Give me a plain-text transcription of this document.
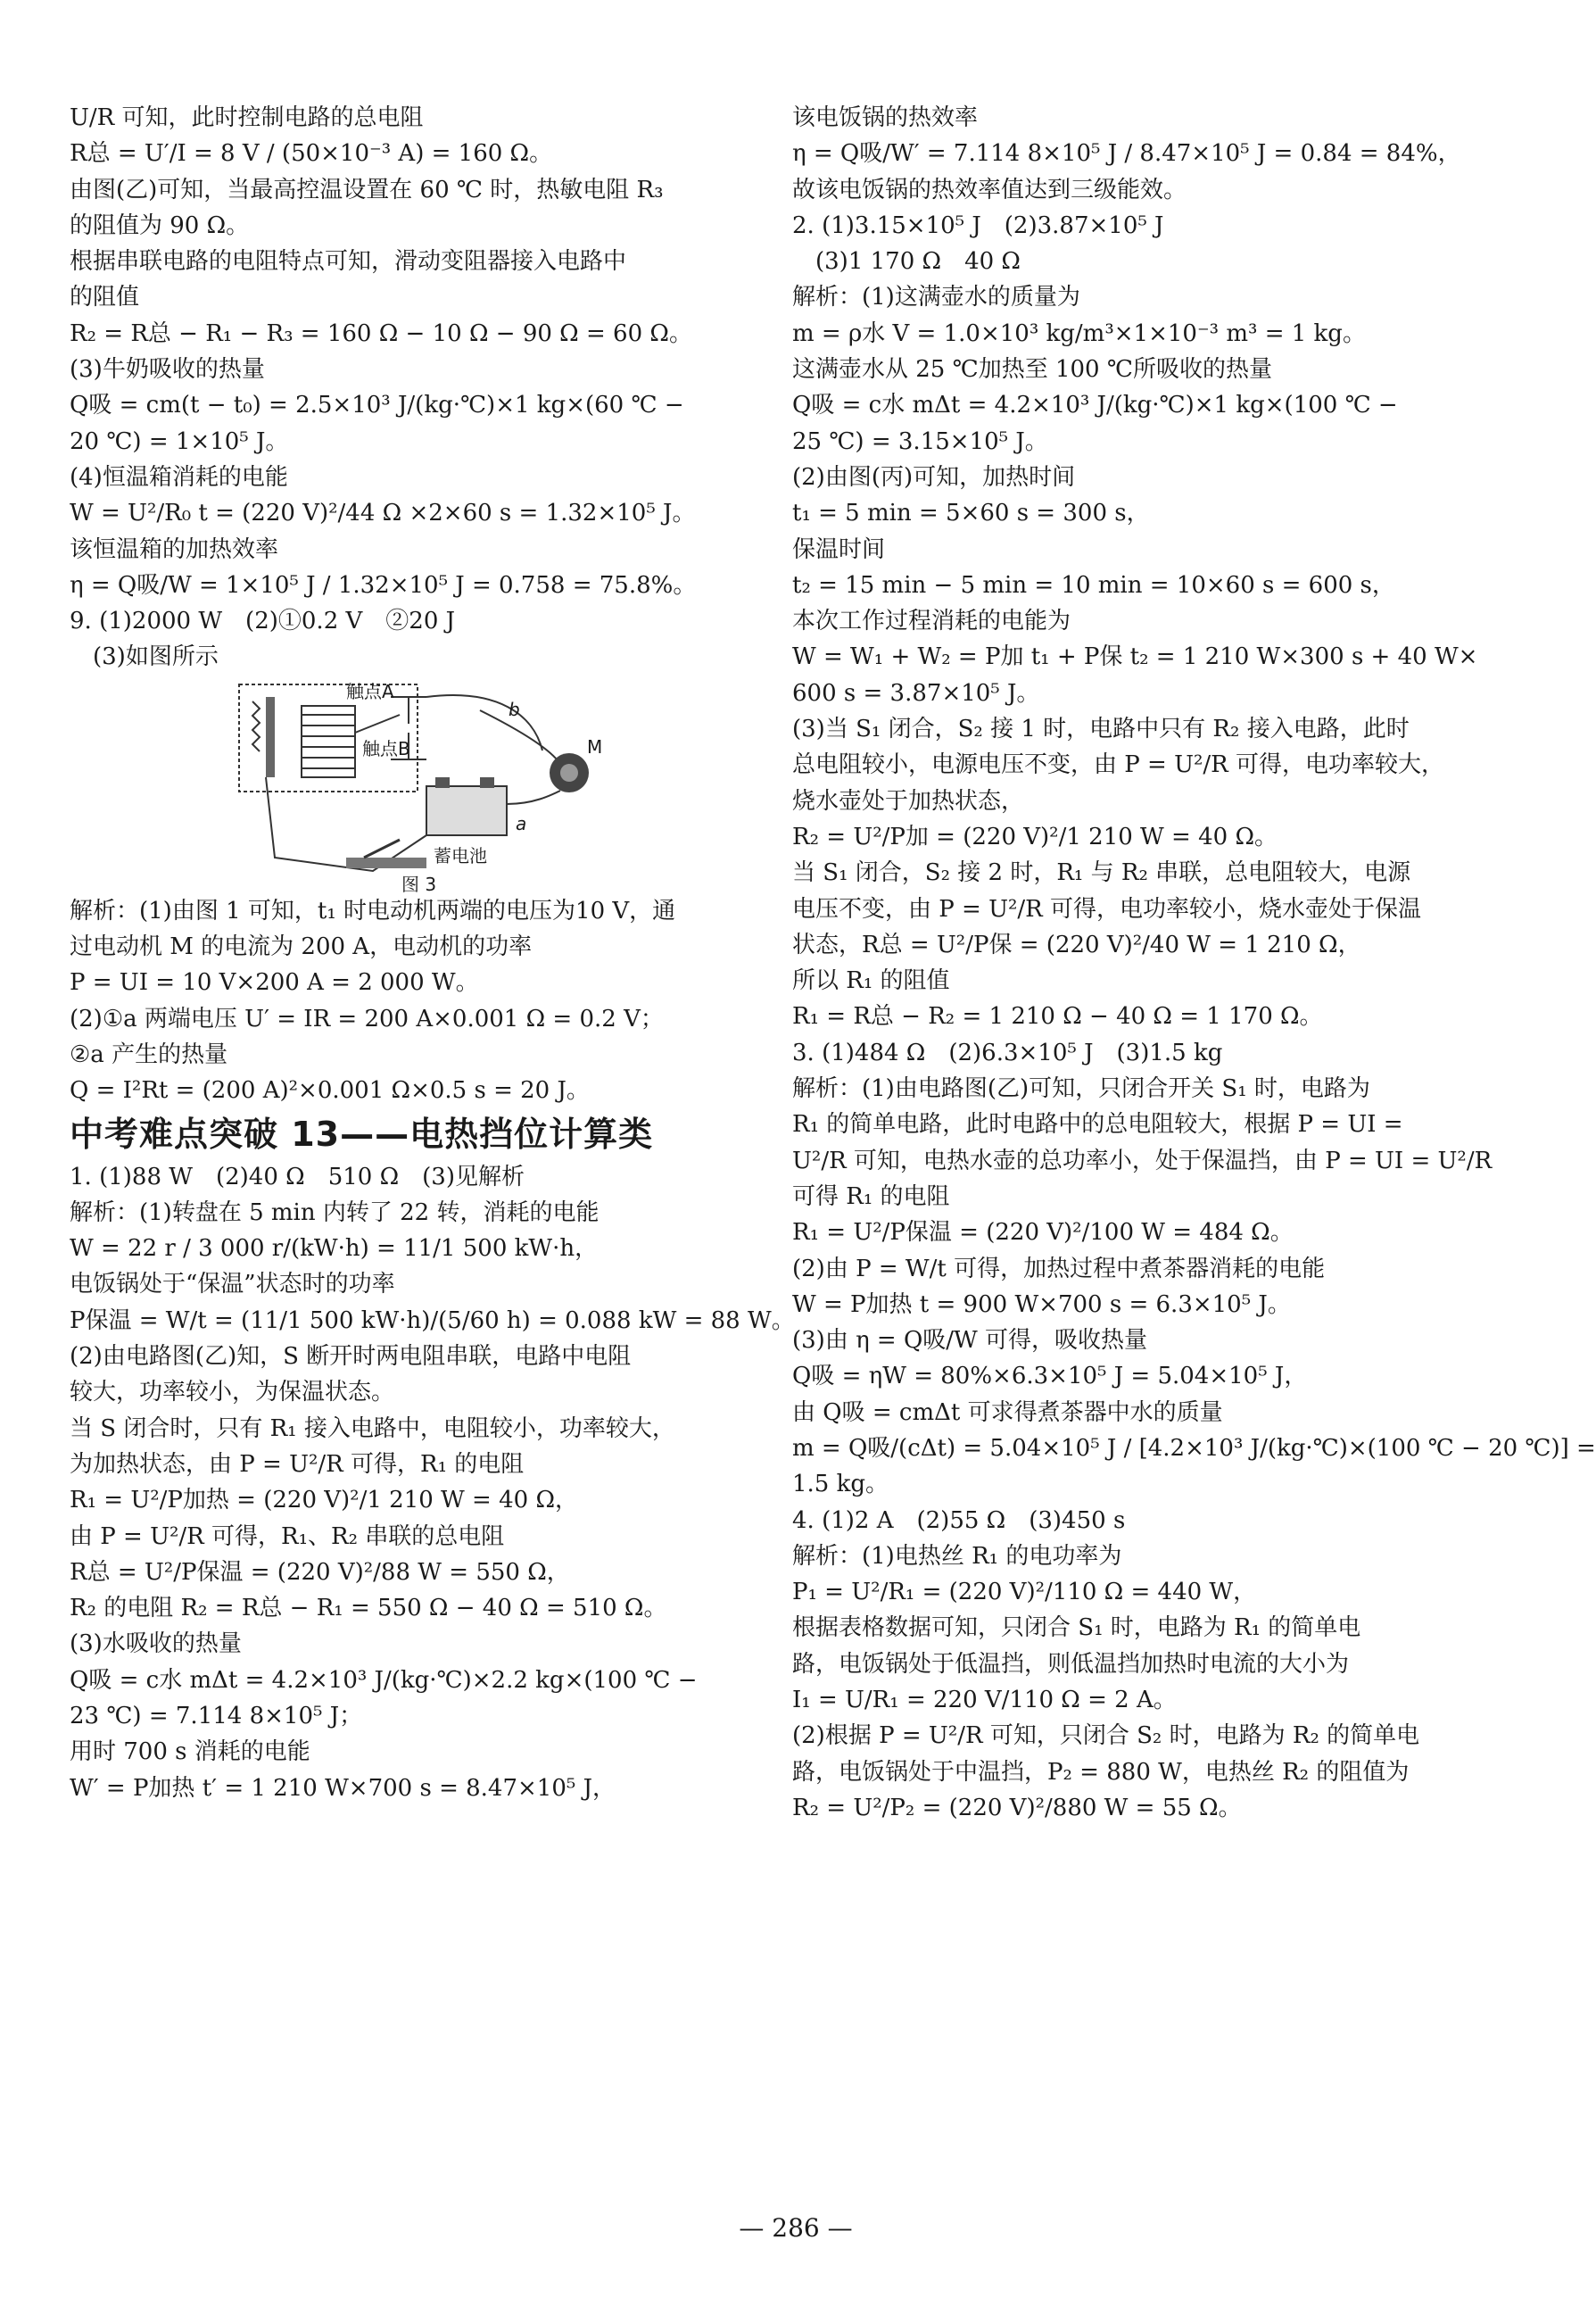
U/R 可知，此时控制电路的总电阻
R总 = U′/I = 8 V / (50×10⁻³ A) = 160 Ω。
由图(乙)可知，当最高控温设置在 60 ℃ 时，热敏电阻 R₃
的阻值为 90 Ω。
根据串联电路的电阻特点可知，滑动变阻器接入电路中
的阻值
R₂ = R总 − R₁ − R₃ = 160 Ω − 10 Ω − 90 Ω = 60 Ω。
(3)牛奶吸收的热量
Q吸 = cm(t − t₀) = 2.5×10³ J/(kg·℃)×1 kg×(60 ℃ −
20 ℃) = 1×10⁵ J。
(4)恒温箱消耗的电能
W = U²/R₀ t = (220 V)²/44 Ω ×2×60 s = 1.32×10⁵ J。
该恒温箱的加热效率
η = Q吸/W = 1×10⁵ J / 1.32×10⁵ J = 0.758 = 75.8%。
9. (1)2000 W　(2)①0.2 V　②20 J
　(3)如图所示
触点A
触点B
b
M
a
蓄电池
图 3
解析：(1)由图 1 可知，t₁ 时电动机两端的电压为10 V，通
过电动机 M 的电流为 200 A，电动机的功率
P = UI = 10 V×200 A = 2 000 W。
(2)①a 两端电压 U′ = IR = 200 A×0.001 Ω = 0.2 V；
②a 产生的热量
Q = I²Rt = (200 A)²×0.001 Ω×0.5 s = 20 J。
中考难点突破 13——电热挡位计算类
1. (1)88 W　(2)40 Ω　510 Ω　(3)见解析
解析：(1)转盘在 5 min 内转了 22 转，消耗的电能
W = 22 r / 3 000 r/(kW·h) = 11/1 500 kW·h，
电饭锅处于“保温”状态时的功率
P保温 = W/t = (11/1 500 kW·h)/(5/60 h) = 0.088 kW = 88 W。
(2)由电路图(乙)知，S 断开时两电阻串联，电路中电阻
较大，功率较小，为保温状态。
当 S 闭合时，只有 R₁ 接入电路中，电阻较小，功率较大，
为加热状态，由 P = U²/R 可得，R₁ 的电阻
R₁ = U²/P加热 = (220 V)²/1 210 W = 40 Ω，
由 P = U²/R 可得，R₁、R₂ 串联的总电阻
R总 = U²/P保温 = (220 V)²/88 W = 550 Ω，
R₂ 的电阻 R₂ = R总 − R₁ = 550 Ω − 40 Ω = 510 Ω。
(3)水吸收的热量
Q吸 = c水 mΔt = 4.2×10³ J/(kg·℃)×2.2 kg×(100 ℃ −
23 ℃) = 7.114 8×10⁵ J；
用时 700 s 消耗的电能
W′ = P加热 t′ = 1 210 W×700 s = 8.47×10⁵ J，
该电饭锅的热效率
η = Q吸/W′ = 7.114 8×10⁵ J / 8.47×10⁵ J = 0.84 = 84%，
故该电饭锅的热效率值达到三级能效。
2. (1)3.15×10⁵ J　(2)3.87×10⁵ J
　(3)1 170 Ω　40 Ω
解析：(1)这满壶水的质量为
m = ρ水 V = 1.0×10³ kg/m³×1×10⁻³ m³ = 1 kg。
这满壶水从 25 ℃加热至 100 ℃所吸收的热量
Q吸 = c水 mΔt = 4.2×10³ J/(kg·℃)×1 kg×(100 ℃ −
25 ℃) = 3.15×10⁵ J。
(2)由图(丙)可知，加热时间
t₁ = 5 min = 5×60 s = 300 s，
保温时间
t₂ = 15 min − 5 min = 10 min = 10×60 s = 600 s，
本次工作过程消耗的电能为
W = W₁ + W₂ = P加 t₁ + P保 t₂ = 1 210 W×300 s + 40 W×
600 s = 3.87×10⁵ J。
(3)当 S₁ 闭合，S₂ 接 1 时，电路中只有 R₂ 接入电路，此时
总电阻较小，电源电压不变，由 P = U²/R 可得，电功率较大，
烧水壶处于加热状态，
R₂ = U²/P加 = (220 V)²/1 210 W = 40 Ω。
当 S₁ 闭合，S₂ 接 2 时，R₁ 与 R₂ 串联，总电阻较大，电源
电压不变，由 P = U²/R 可得，电功率较小，烧水壶处于保温
状态，R总 = U²/P保 = (220 V)²/40 W = 1 210 Ω，
所以 R₁ 的阻值
R₁ = R总 − R₂ = 1 210 Ω − 40 Ω = 1 170 Ω。
3. (1)484 Ω　(2)6.3×10⁵ J　(3)1.5 kg
解析：(1)由电路图(乙)可知，只闭合开关 S₁ 时，电路为
R₁ 的简单电路，此时电路中的总电阻较大，根据 P = UI =
U²/R 可知，电热水壶的总功率小，处于保温挡，由 P = UI = U²/R
可得 R₁ 的电阻
R₁ = U²/P保温 = (220 V)²/100 W = 484 Ω。
(2)由 P = W/t 可得，加热过程中煮茶器消耗的电能
W = P加热 t = 900 W×700 s = 6.3×10⁵ J。
(3)由 η = Q吸/W 可得，吸收热量
Q吸 = ηW = 80%×6.3×10⁵ J = 5.04×10⁵ J，
由 Q吸 = cmΔt 可求得煮茶器中水的质量
m = Q吸/(cΔt) = 5.04×10⁵ J / [4.2×10³ J/(kg·℃)×(100 ℃ − 20 ℃)] =
1.5 kg。
4. (1)2 A　(2)55 Ω　(3)450 s
解析：(1)电热丝 R₁ 的电功率为
P₁ = U²/R₁ = (220 V)²/110 Ω = 440 W，
根据表格数据可知，只闭合 S₁ 时，电路为 R₁ 的简单电
路，电饭锅处于低温挡，则低温挡加热时电流的大小为
I₁ = U/R₁ = 220 V/110 Ω = 2 A。
(2)根据 P = U²/R 可知，只闭合 S₂ 时，电路为 R₂ 的简单电
路，电饭锅处于中温挡，P₂ = 880 W，电热丝 R₂ 的阻值为
R₂ = U²/P₂ = (220 V)²/880 W = 55 Ω。
— 286 —
